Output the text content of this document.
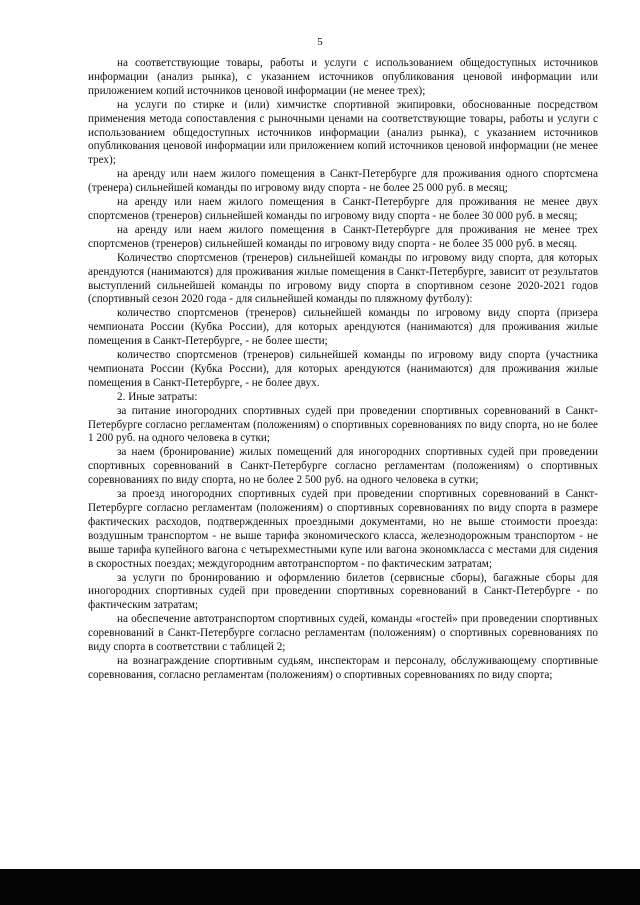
5

на соответствующие товары, работы и услуги с использованием общедоступных источников информации (анализ рынка), с указанием источников опубликования ценовой информации или приложением копий источников ценовой информации (не менее трех);

на услуги по стирке и (или) химчистке спортивной экипировки, обоснованные посредством применения метода сопоставления с рыночными ценами на соответствующие товары, работы и услуги с использованием общедоступных источников информации (анализ рынка), с указанием источников опубликования ценовой информации или приложением копий источников ценовой информации (не менее трех);

на аренду или наем жилого помещения в Санкт-Петербурге для проживания одного спортсмена (тренера) сильнейшей команды по игровому виду спорта - не более 25 000 руб. в месяц;

на аренду или наем жилого помещения в Санкт-Петербурге для проживания не менее двух спортсменов (тренеров) сильнейшей команды по игровому виду спорта - не более 30 000 руб. в месяц;

на аренду или наем жилого помещения в Санкт-Петербурге для проживания не менее трех спортсменов (тренеров) сильнейшей команды по игровому виду спорта - не более 35 000 руб. в месяц.

Количество спортсменов (тренеров) сильнейшей команды по игровому виду спорта, для которых арендуются (нанимаются) для проживания жилые помещения в Санкт-Петербурге, зависит от результатов выступлений сильнейшей команды по игровому виду спорта в спортивном сезоне 2020-2021 годов (спортивный сезон 2020 года - для сильнейшей команды по пляжному футболу):

количество спортсменов (тренеров) сильнейшей команды по игровому виду спорта (призера чемпионата России (Кубка России), для которых арендуются (нанимаются) для проживания жилые помещения в Санкт-Петербурге, - не более шести;

количество спортсменов (тренеров) сильнейшей команды по игровому виду спорта (участника чемпионата России (Кубка России), для которых арендуются (нанимаются) для проживания жилые помещения в Санкт-Петербурге, - не более двух.

2. Иные затраты:

за питание иногородних спортивных судей при проведении спортивных соревнований в Санкт-Петербурге согласно регламентам (положениям) о спортивных соревнованиях по виду спорта, но не более 1 200 руб. на одного человека в сутки;

за наем (бронирование) жилых помещений для иногородних спортивных судей при проведении спортивных соревнований в Санкт-Петербурге согласно регламентам (положениям) о спортивных соревнованиях по виду спорта, но не более 2 500 руб. на одного человека в сутки;

за проезд иногородних спортивных судей при проведении спортивных соревнований в Санкт-Петербурге согласно регламентам (положениям) о спортивных соревнованиях по виду спорта в размере фактических расходов, подтвержденных проездными документами, но не выше стоимости проезда: воздушным транспортом - не выше тарифа экономического класса, железнодорожным транспортом - не выше тарифа купейного вагона с четырехместными купе или вагона экономкласса с местами для сидения в скоростных поездах; междугородним автотранспортом - по фактическим затратам;

за услуги по бронированию и оформлению билетов (сервисные сборы), багажные сборы для иногородних спортивных судей при проведении спортивных соревнований в Санкт-Петербурге - по фактическим затратам;

на обеспечение автотранспортом спортивных судей, команды «гостей» при проведении спортивных соревнований в Санкт-Петербурге согласно регламентам (положениям) о спортивных соревнованиях по виду спорта в соответствии с таблицей 2;

на вознаграждение спортивным судьям, инспекторам и персоналу, обслуживающему спортивные соревнования, согласно регламентам (положениям) о спортивных соревнованиях по виду спорта;
